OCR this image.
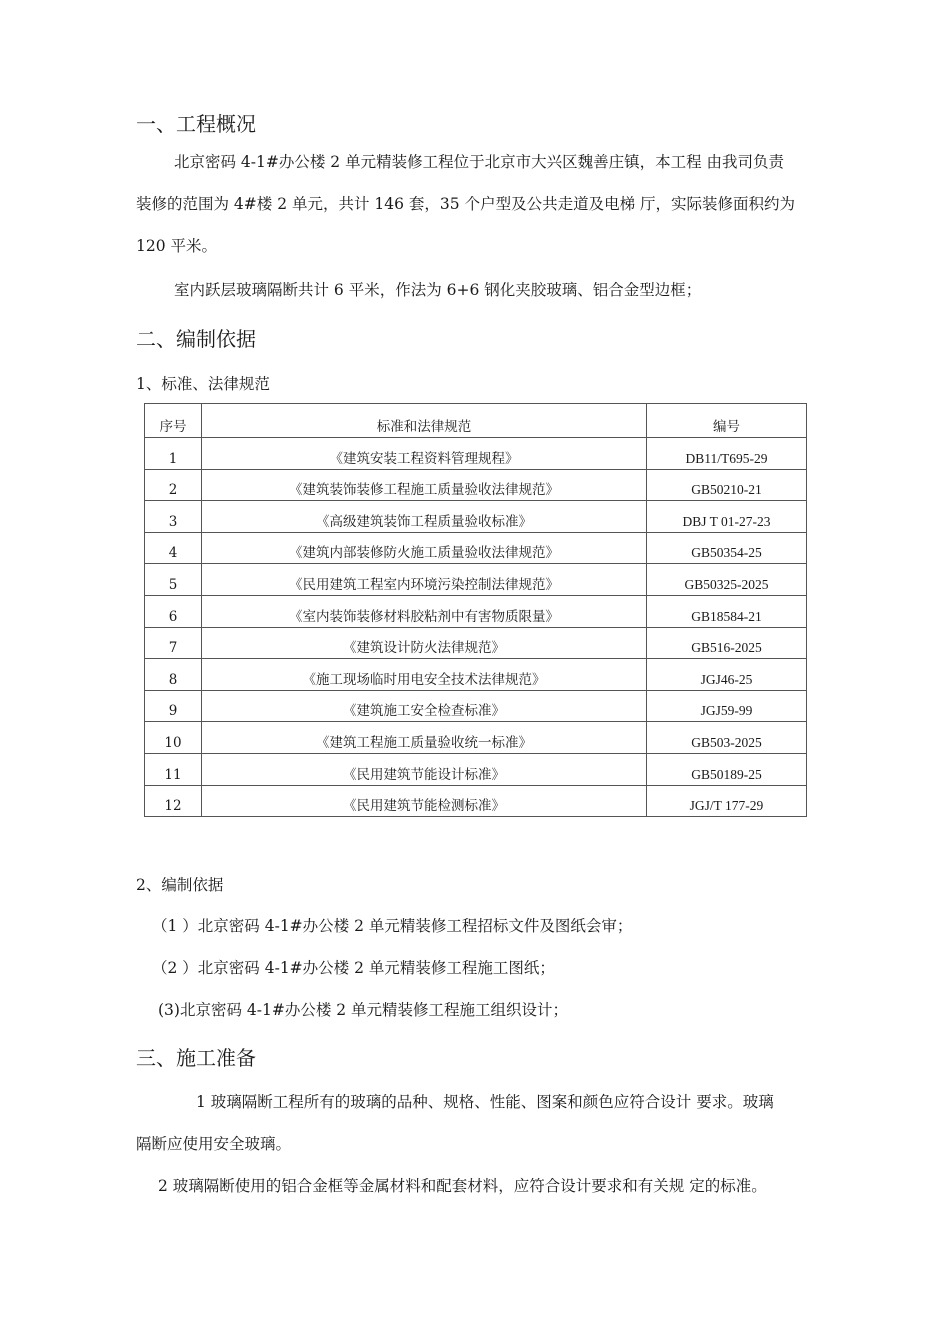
一、工程概况
北京密码 4-1#办公楼 2 单元精装修工程位于北京市大兴区魏善庄镇，本工程 由我司负责
装修的范围为 4#楼 2 单元，共计 146 套，35 个户型及公共走道及电梯 厅，实际装修面积约为
120 平米。
室内跃层玻璃隔断共计 6 平米，作法为 6+6 钢化夹胶玻璃、铝合金型边框；
二、编制依据
1、标准、法律规范
序号	标准和法律规范	编号
1	《建筑安装工程资料管理规程》	DB11/T695-29
2	《建筑装饰装修工程施工质量验收法律规范》	GB50210-21
3	《高级建筑装饰工程质量验收标准》	DBJ T 01-27-23
4	《建筑内部装修防火施工质量验收法律规范》	GB50354-25
5	《民用建筑工程室内环境污染控制法律规范》	GB50325-2025
6	《室内装饰装修材料胶粘剂中有害物质限量》	GB18584-21
7	《建筑设计防火法律规范》	GB516-2025
8	《施工现场临时用电安全技术法律规范》	JGJ46-25
9	《建筑施工安全检查标准》	JGJ59-99
10	《建筑工程施工质量验收统一标准》	GB503-2025
11	《民用建筑节能设计标准》	GB50189-25
12	《民用建筑节能检测标准》	JGJ/T 177-29
2、编制依据
（1 ）北京密码 4-1#办公楼 2 单元精装修工程招标文件及图纸会审；
（2 ）北京密码 4-1#办公楼 2 单元精装修工程施工图纸；
(3)北京密码 4-1#办公楼 2 单元精装修工程施工组织设计；
三、施工准备
1 玻璃隔断工程所有的玻璃的品种、规格、性能、图案和颜色应符合设计 要求。玻璃
隔断应使用安全玻璃。
2 玻璃隔断使用的铝合金框等金属材料和配套材料，应符合设计要求和有关规 定的标准。
